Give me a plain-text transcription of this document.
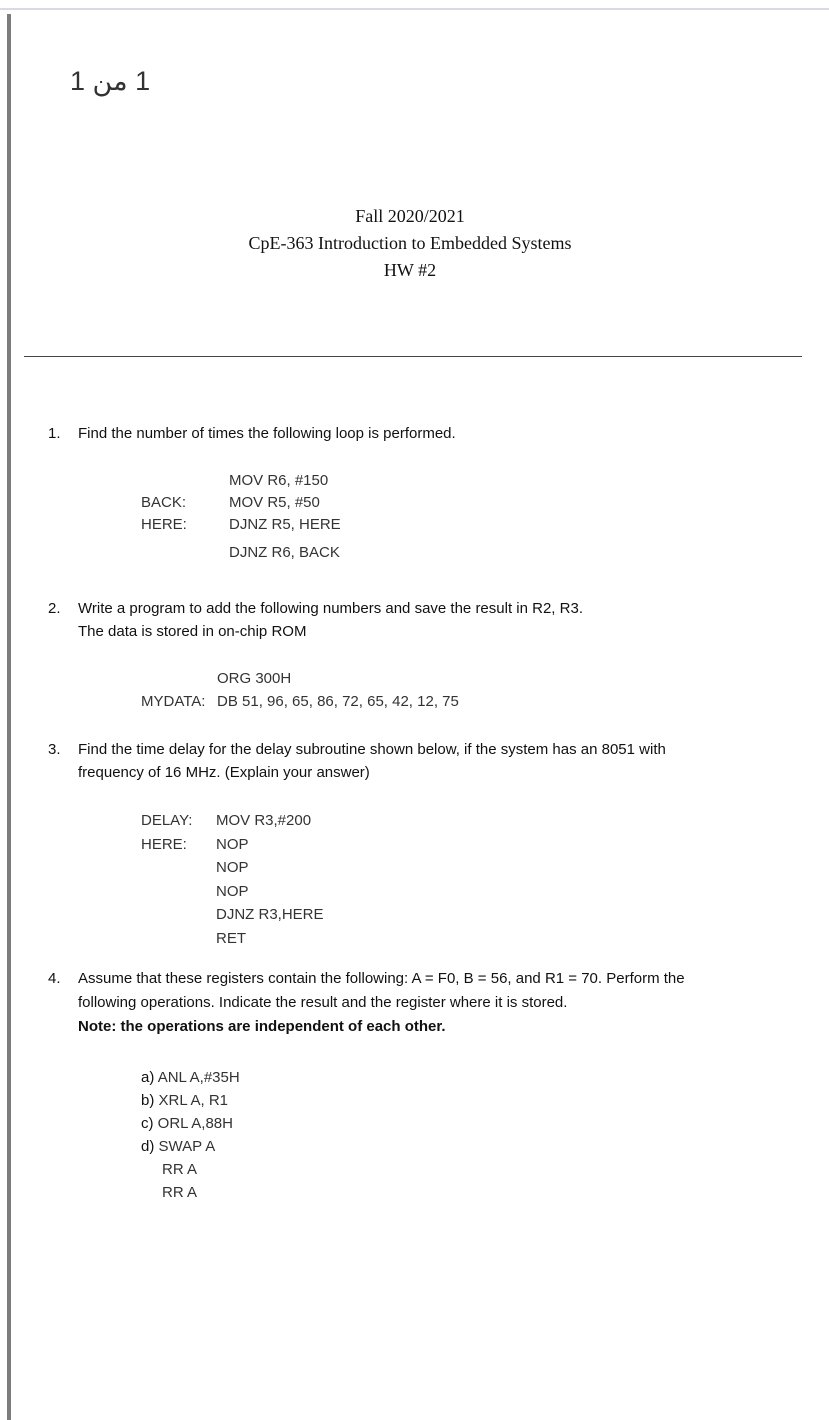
1 من 1
Fall 2020/2021
CpE-363 Introduction to Embedded Systems
HW #2
1. Find the number of times the following loop is performed.
MOV R6, #150
BACK:	MOV R5, #50
HERE:	DJNZ R5, HERE
DJNZ R6, BACK
2. Write a program to add the following numbers and save the result in R2, R3.
The data is stored in on-chip ROM
ORG 300H
MYDATA: DB 51, 96, 65, 86, 72, 65, 42, 12, 75
3. Find the time delay for the delay subroutine shown below, if the system has an 8051 with
frequency of 16 MHz. (Explain your answer)
DELAY: MOV R3,#200
HERE: NOP
NOP
NOP
DJNZ R3,HERE
RET
4. Assume that these registers contain the following: A = F0, B = 56, and R1 = 70. Perform the
following operations. Indicate the result and the register where it is stored.
Note: the operations are independent of each other.
a) ANL A,#35H
b) XRL A, R1
c) ORL A,88H
d) SWAP A
RR A
RR A
